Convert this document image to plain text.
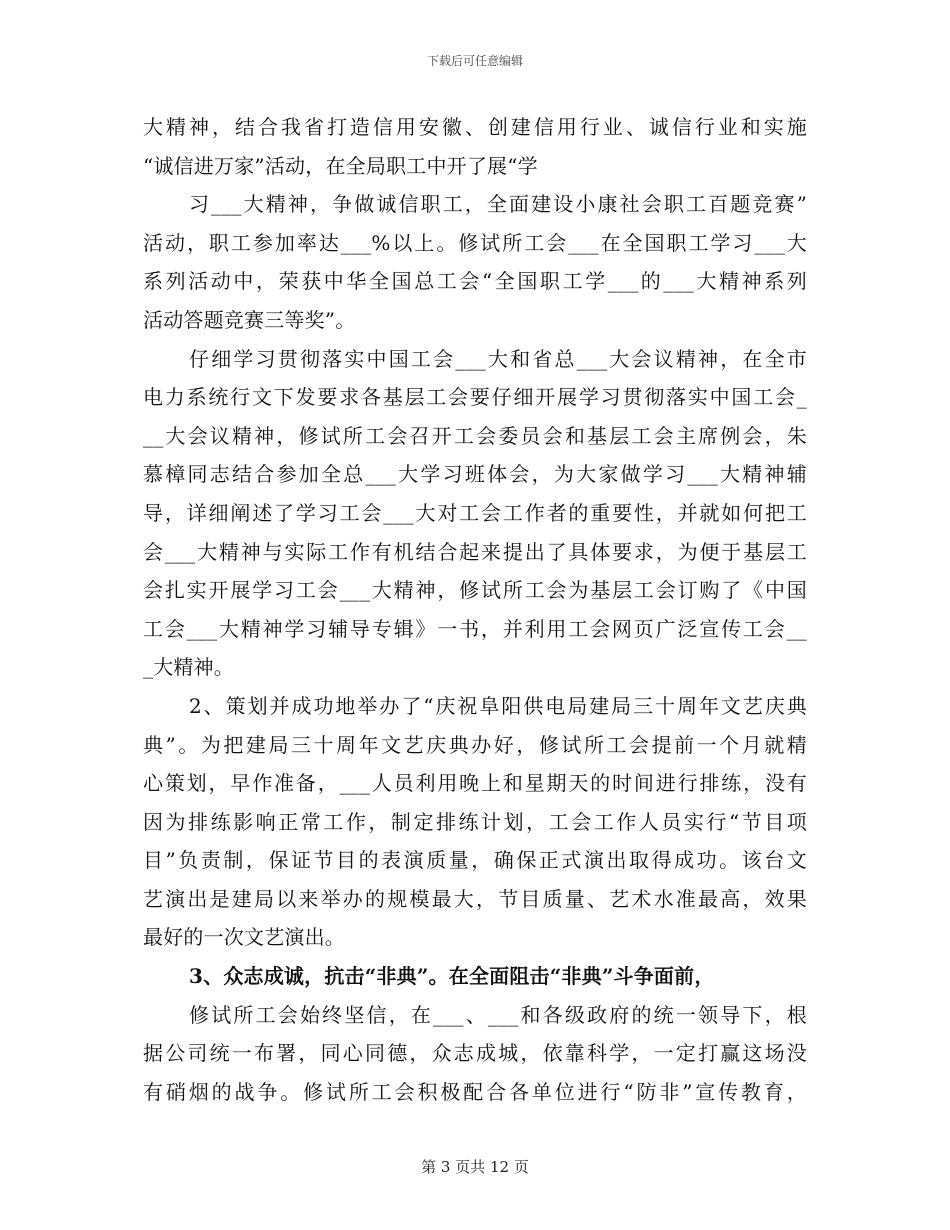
下载后可任意编辑
大精神，结合我省打造信用安徽、创建信用行业、诚信行业和实施
“诚信进万家”活动，在全局职工中开了展“学
习___大精神，争做诚信职工，全面建设小康社会职工百题竞赛”
活动，职工参加率达___%以上。修试所工会___在全国职工学习___大
系列活动中，荣获中华全国总工会“全国职工学___的___大精神系列
活动答题竞赛三等奖”。
仔细学习贯彻落实中国工会___大和省总___大会议精神，在全市
电力系统行文下发要求各基层工会要仔细开展学习贯彻落实中国工会_
__大会议精神，修试所工会召开工会委员会和基层工会主席例会，朱
慕樟同志结合参加全总___大学习班体会，为大家做学习___大精神辅
导，详细阐述了学习工会___大对工会工作者的重要性，并就如何把工
会___大精神与实际工作有机结合起来提出了具体要求，为便于基层工
会扎实开展学习工会___大精神，修试所工会为基层工会订购了《中国
工会___大精神学习辅导专辑》一书，并利用工会网页广泛宣传工会__
_大精神。
2、策划并成功地举办了“庆祝阜阳供电局建局三十周年文艺庆典
典”。为把建局三十周年文艺庆典办好，修试所工会提前一个月就精
心策划，早作准备，___人员利用晚上和星期天的时间进行排练，没有
因为排练影响正常工作，制定排练计划，工会工作人员实行“节目项
目”负责制，保证节目的表演质量，确保正式演出取得成功。该台文
艺演出是建局以来举办的规模最大，节目质量、艺术水准最高，效果
最好的一次文艺演出。
3、众志成诚，抗击“非典”。在全面阻击“非典”斗争面前，
修试所工会始终坚信，在___、___和各级政府的统一领导下，根
据公司统一布署，同心同德，众志成城，依靠科学，一定打赢这场没
有硝烟的战争。修试所工会积极配合各单位进行“防非”宣传教育，
第 3 页共 12 页
